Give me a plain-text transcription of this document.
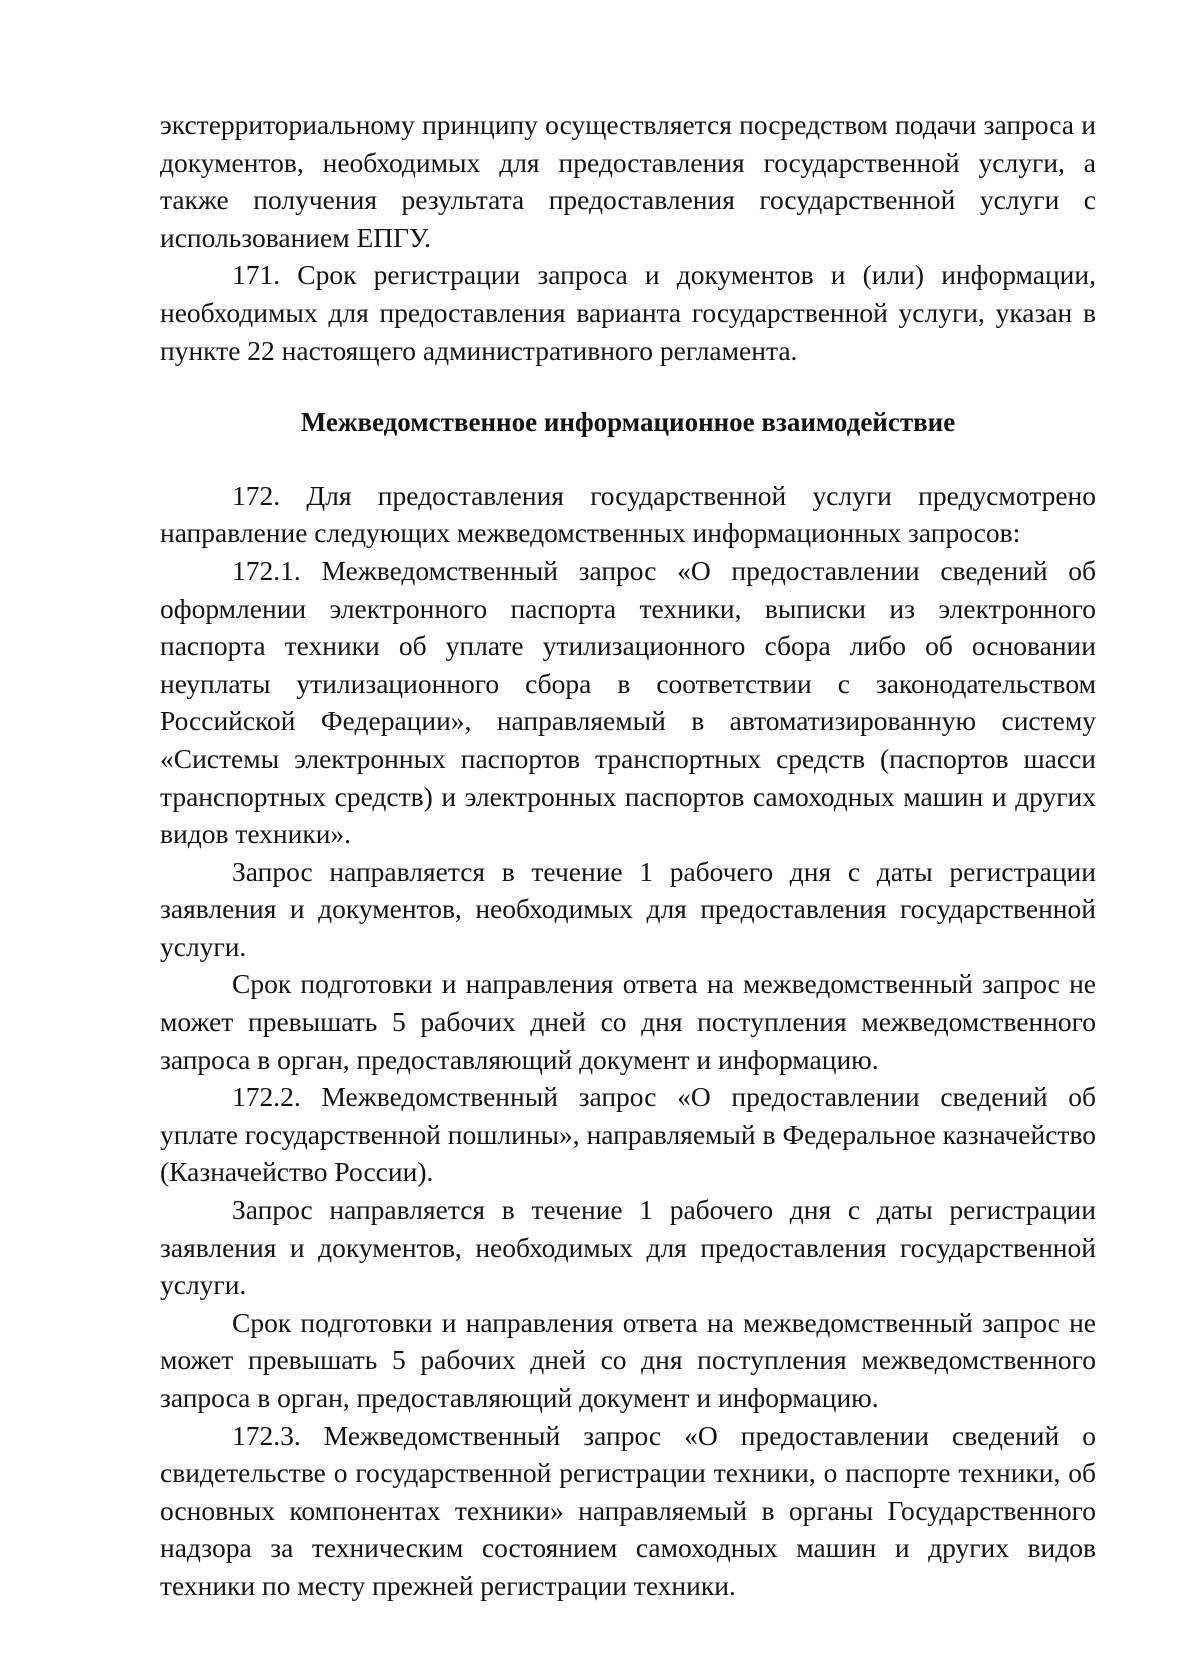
экстерриториальному принципу осуществляется посредством подачи запроса и документов, необходимых для предоставления государственной услуги, а также получения результата предоставления государственной услуги с использованием ЕПГУ.

171. Срок регистрации запроса и документов и (или) информации, необходимых для предоставления варианта государственной услуги, указан в пункте 22 настоящего административного регламента.

Межведомственное информационное взаимодействие

172. Для предоставления государственной услуги предусмотрено направление следующих межведомственных информационных запросов:

172.1. Межведомственный запрос «О предоставлении сведений об оформлении электронного паспорта техники, выписки из электронного паспорта техники об уплате утилизационного сбора либо об основании неуплаты утилизационного сбора в соответствии с законодательством Российской Федерации», направляемый в автоматизированную систему «Системы электронных паспортов транспортных средств (паспортов шасси транспортных средств) и электронных паспортов самоходных машин и других видов техники».

Запрос направляется в течение 1 рабочего дня с даты регистрации заявления и документов, необходимых для предоставления государственной услуги.

Срок подготовки и направления ответа на межведомственный запрос не может превышать 5 рабочих дней со дня поступления межведомственного запроса в орган, предоставляющий документ и информацию.

172.2. Межведомственный запрос «О предоставлении сведений об уплате государственной пошлины», направляемый в Федеральное казначейство (Казначейство России).

Запрос направляется в течение 1 рабочего дня с даты регистрации заявления и документов, необходимых для предоставления государственной услуги.

Срок подготовки и направления ответа на межведомственный запрос не может превышать 5 рабочих дней со дня поступления межведомственного запроса в орган, предоставляющий документ и информацию.

172.3. Межведомственный запрос «О предоставлении сведений о свидетельстве о государственной регистрации техники, о паспорте техники, об основных компонентах техники» направляемый в органы Государственного надзора за техническим состоянием самоходных машин и других видов техники по месту прежней регистрации техники.
